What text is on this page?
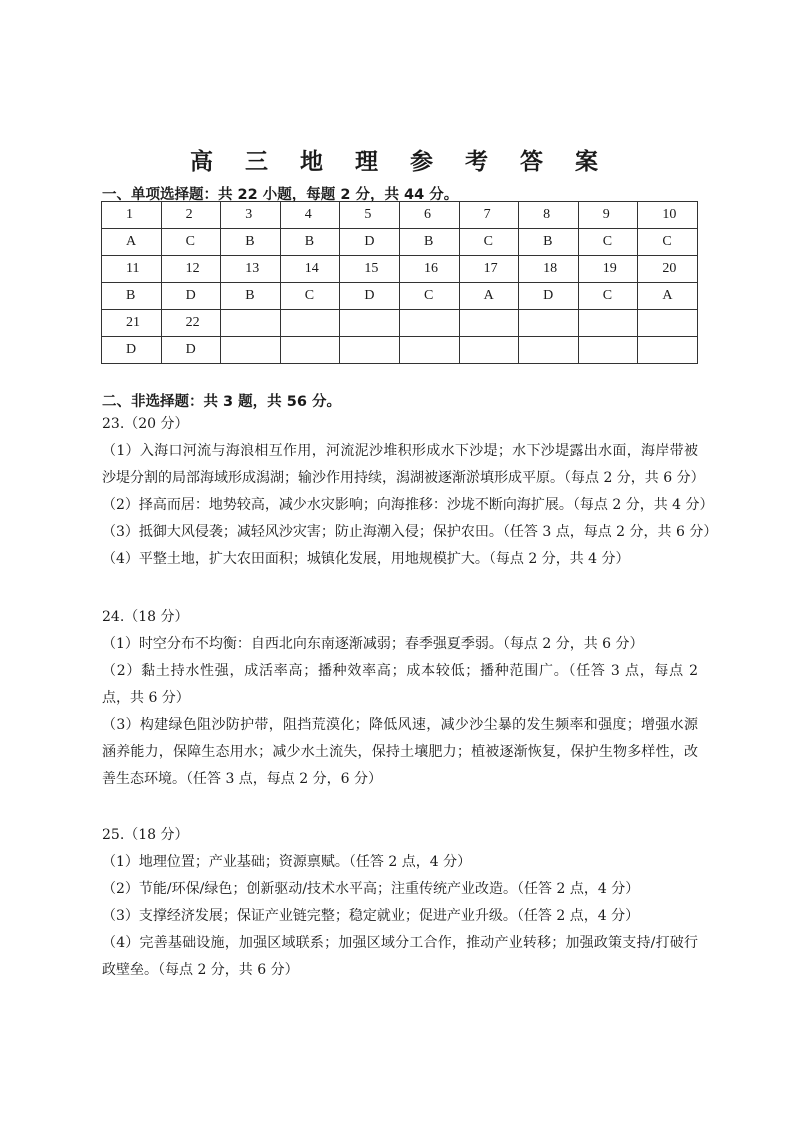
高 三 地 理 参 考 答 案
一、单项选择题：共 22 小题，每题 2 分，共 44 分。
1	2	3	4	5	6	7	8	9	10
A	C	B	B	D	B	C	B	C	C
11	12	13	14	15	16	17	18	19	20
B	D	B	C	D	C	A	D	C	A
21	22								
D	D								
二、非选择题：共 3 题，共 56 分。
23.（20 分）
（1）入海口河流与海浪相互作用，河流泥沙堆积形成水下沙堤；水下沙堤露出水面，海岸带被沙堤分割的局部海域形成潟湖；输沙作用持续，潟湖被逐渐淤填形成平原。（每点 2 分，共 6 分）
（2）择高而居：地势较高，减少水灾影响；向海推移：沙垅不断向海扩展。（每点 2 分，共 4 分）
（3）抵御大风侵袭；减轻风沙灾害；防止海潮入侵；保护农田。（任答 3 点，每点 2 分，共 6 分）
（4）平整土地，扩大农田面积；城镇化发展，用地规模扩大。（每点 2 分，共 4 分）
24.（18 分）
（1）时空分布不均衡：自西北向东南逐渐减弱；春季强夏季弱。（每点 2 分，共 6 分）
（2）黏土持水性强，成活率高；播种效率高；成本较低；播种范围广。（任答 3 点，每点 2 点，共 6 分）
（3）构建绿色阻沙防护带，阻挡荒漠化；降低风速，减少沙尘暴的发生频率和强度；增强水源涵养能力，保障生态用水；减少水土流失，保持土壤肥力；植被逐渐恢复，保护生物多样性，改善生态环境。（任答 3 点，每点 2 分，6 分）
25.（18 分）
（1）地理位置；产业基础；资源禀赋。（任答 2 点，4 分）
（2）节能/环保/绿色；创新驱动/技术水平高；注重传统产业改造。（任答 2 点，4 分）
（3）支撑经济发展；保证产业链完整；稳定就业；促进产业升级。（任答 2 点，4 分）
（4）完善基础设施，加强区域联系；加强区域分工合作，推动产业转移；加强政策支持/打破行政壁垒。（每点 2 分，共 6 分）
